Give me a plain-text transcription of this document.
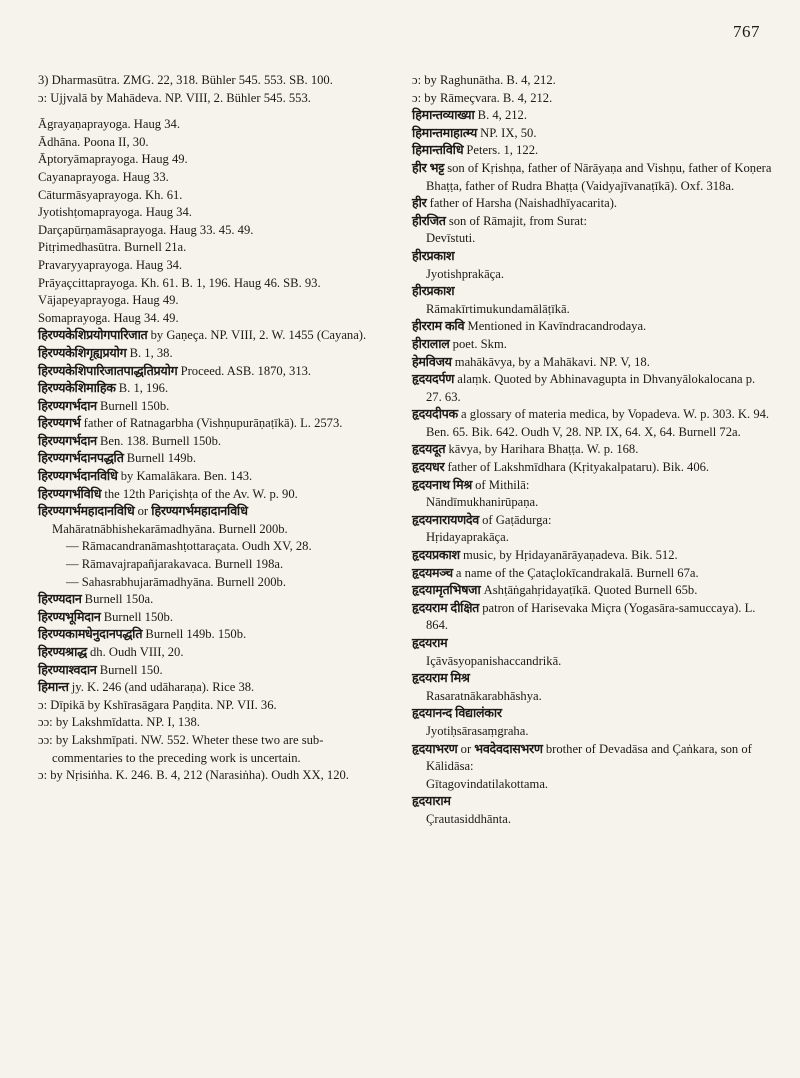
767
3) Dharmasūtra. ZMG. 22, 318. Bühler 545. 553. SB. 100.
ɔ: Ujjvalā by Mahādeva. NP. VIII, 2. Bühler 545. 553.
Āgrayaṇaprayoga. Haug 34.
Ādhāna. Poona II, 30.
Āptoryāmaprayoga. Haug 49.
Cayanaprayoga. Haug 33.
Cāturmāsyaprayoga. Kh. 61.
Jyotishṭomaprayoga. Haug 34.
Darçapūrṇamāsaprayoga. Haug 33. 45. 49.
Pitṛimedhasūtra. Burnell 21a.
Pravaryyaprayoga. Haug 34.
Prāyaçcittaprayoga. Kh. 61. B. 1, 196. Haug 46. SB. 93.
Vājapeyaprayoga. Haug 49.
Somaprayoga. Haug 34. 49.
हिरण्यकेशिप्रयोगपारिजात by Gaṇeça. NP. VIII, 2. W. 1455 (Cayana).
हिरण्यकेशिगृह्यप्रयोग B. 1, 38.
हिरण्यकेशिपारिजातपाद्धतिप्रयोग Proceed. ASB. 1870, 313.
हिरण्यकेशिमाहिक B. 1, 196.
हिरण्यगर्भदान Burnell 150b.
हिरण्यगर्भ father of Ratnagarbha (Vishṇupurāṇaṭīkā). L. 2573.
हिरण्यगर्भदान Ben. 138. Burnell 150b.
हिरण्यगर्भदानपद्धति Burnell 149b.
हिरण्यगर्भदानविधि by Kamalākara. Ben. 143.
हिरण्यगर्भविधि the 12th Pariçishṭa of the Av. W. p. 90.
हिरण्यगर्भमहादानविधि or हिरण्यगर्भमहादानविधि Mahāratnābhishekarāmadhyāna. Burnell 200b.
— Rāmacandranāmashṭottaraçata. Oudh XV, 28.
— Rāmavajrapañjarakavaca. Burnell 198a.
— Sahasrabhujarāmadhyāna. Burnell 200b.
हिरण्यदान Burnell 150a.
हिरण्यभूमिदान Burnell 150b.
हिरण्यकामधेनुदानपद्धति Burnell 149b. 150b.
हिरण्यश्राद्ध dh. Oudh VIII, 20.
हिरण्याश्वदान Burnell 150.
हिमान्त jy. K. 246 (and udāharaṇa). Rice 38.
ɔ: Dīpikā by Kshīrasāgara Paṇḍita. NP. VII. 36.
ɔɔ: by Lakshmīdatta. NP. I, 138.
ɔɔ: by Lakshmīpati. NW. 552. Wheter these two are sub-commentaries to the preceding work is uncertain.
ɔ: by Nṛisiṅha. K. 246. B. 4, 212 (Narasiṅha). Oudh XX, 120.
ɔ: by Raghunātha. B. 4, 212.
ɔ: by Rāmeçvara. B. 4, 212.
हिमान्तव्याख्या B. 4, 212.
हिमान्तमाहात्म्य NP. IX, 50.
हिमान्तविधि Peters. 1, 122.
हीर भट्ट son of Kṛishṇa, father of Nārāyaṇa and Vishṇu, father of Koṇera Bhaṭṭa, father of Rudra Bhaṭṭa (Vaidyajīvanaṭīkā). Oxf. 318a.
हीर father of Harsha (Naishadhīyacarita).
हीरजित son of Rāmajit, from Surat:
Devīstuti.
हीरप्रकाश
Jyotishprakāça.
हीरप्रकाश
Rāmakīrtimukundamālāṭīkā.
हीरराम कवि Mentioned in Kavīndracandrodaya.
हीरालाल poet. Skm.
हेमविजय mahākāvya, by a Mahākavi. NP. V, 18.
हृदयदर्पण alaṃk. Quoted by Abhinavagupta in Dhvanyālokalocana p. 27. 63.
हृदयदीपक a glossary of materia medica, by Vopadeva. W. p. 303. K. 94. Ben. 65. Bik. 642. Oudh V, 28. NP. IX, 64. X, 64. Burnell 72a.
हृदयदूत kāvya, by Harihara Bhaṭṭa. W. p. 168.
हृदयधर father of Lakshmīdhara (Kṛityakalpataru). Bik. 406.
हृदयनाथ मिश्र of Mithilā:
Nāndīmukhanirūpaṇa.
हृदयनारायणदेव of Gaṭādurga:
Hṛidayaprakāça.
हृदयप्रकाश music, by Hṛidayanārāyaṇadeva. Bik. 512.
हृदयमञ्च a name of the Çataçlokīcandrakalā. Burnell 67a.
हृदयामृतभिषजा Ashṭāṅgahṛidayaṭīkā. Quoted Burnell 65b.
हृदयराम दीक्षित patron of Harisevaka Miçra (Yogasāra-samuccaya). L. 864.
हृदयराम
Içāvāsyopanishaccandrikā.
हृदयराम मिश्र
Rasaratnākarabhāshya.
हृदयानन्द विद्यालंकार
Jyotiḥsārasaṃgraha.
हृदयाभरण or भवदेवदासभरण brother of Devadāsa and Çaṅkara, son of Kālidāsa:
Gītagovindatilakottama.
हृदयाराम
Çrautasiddhānta.
